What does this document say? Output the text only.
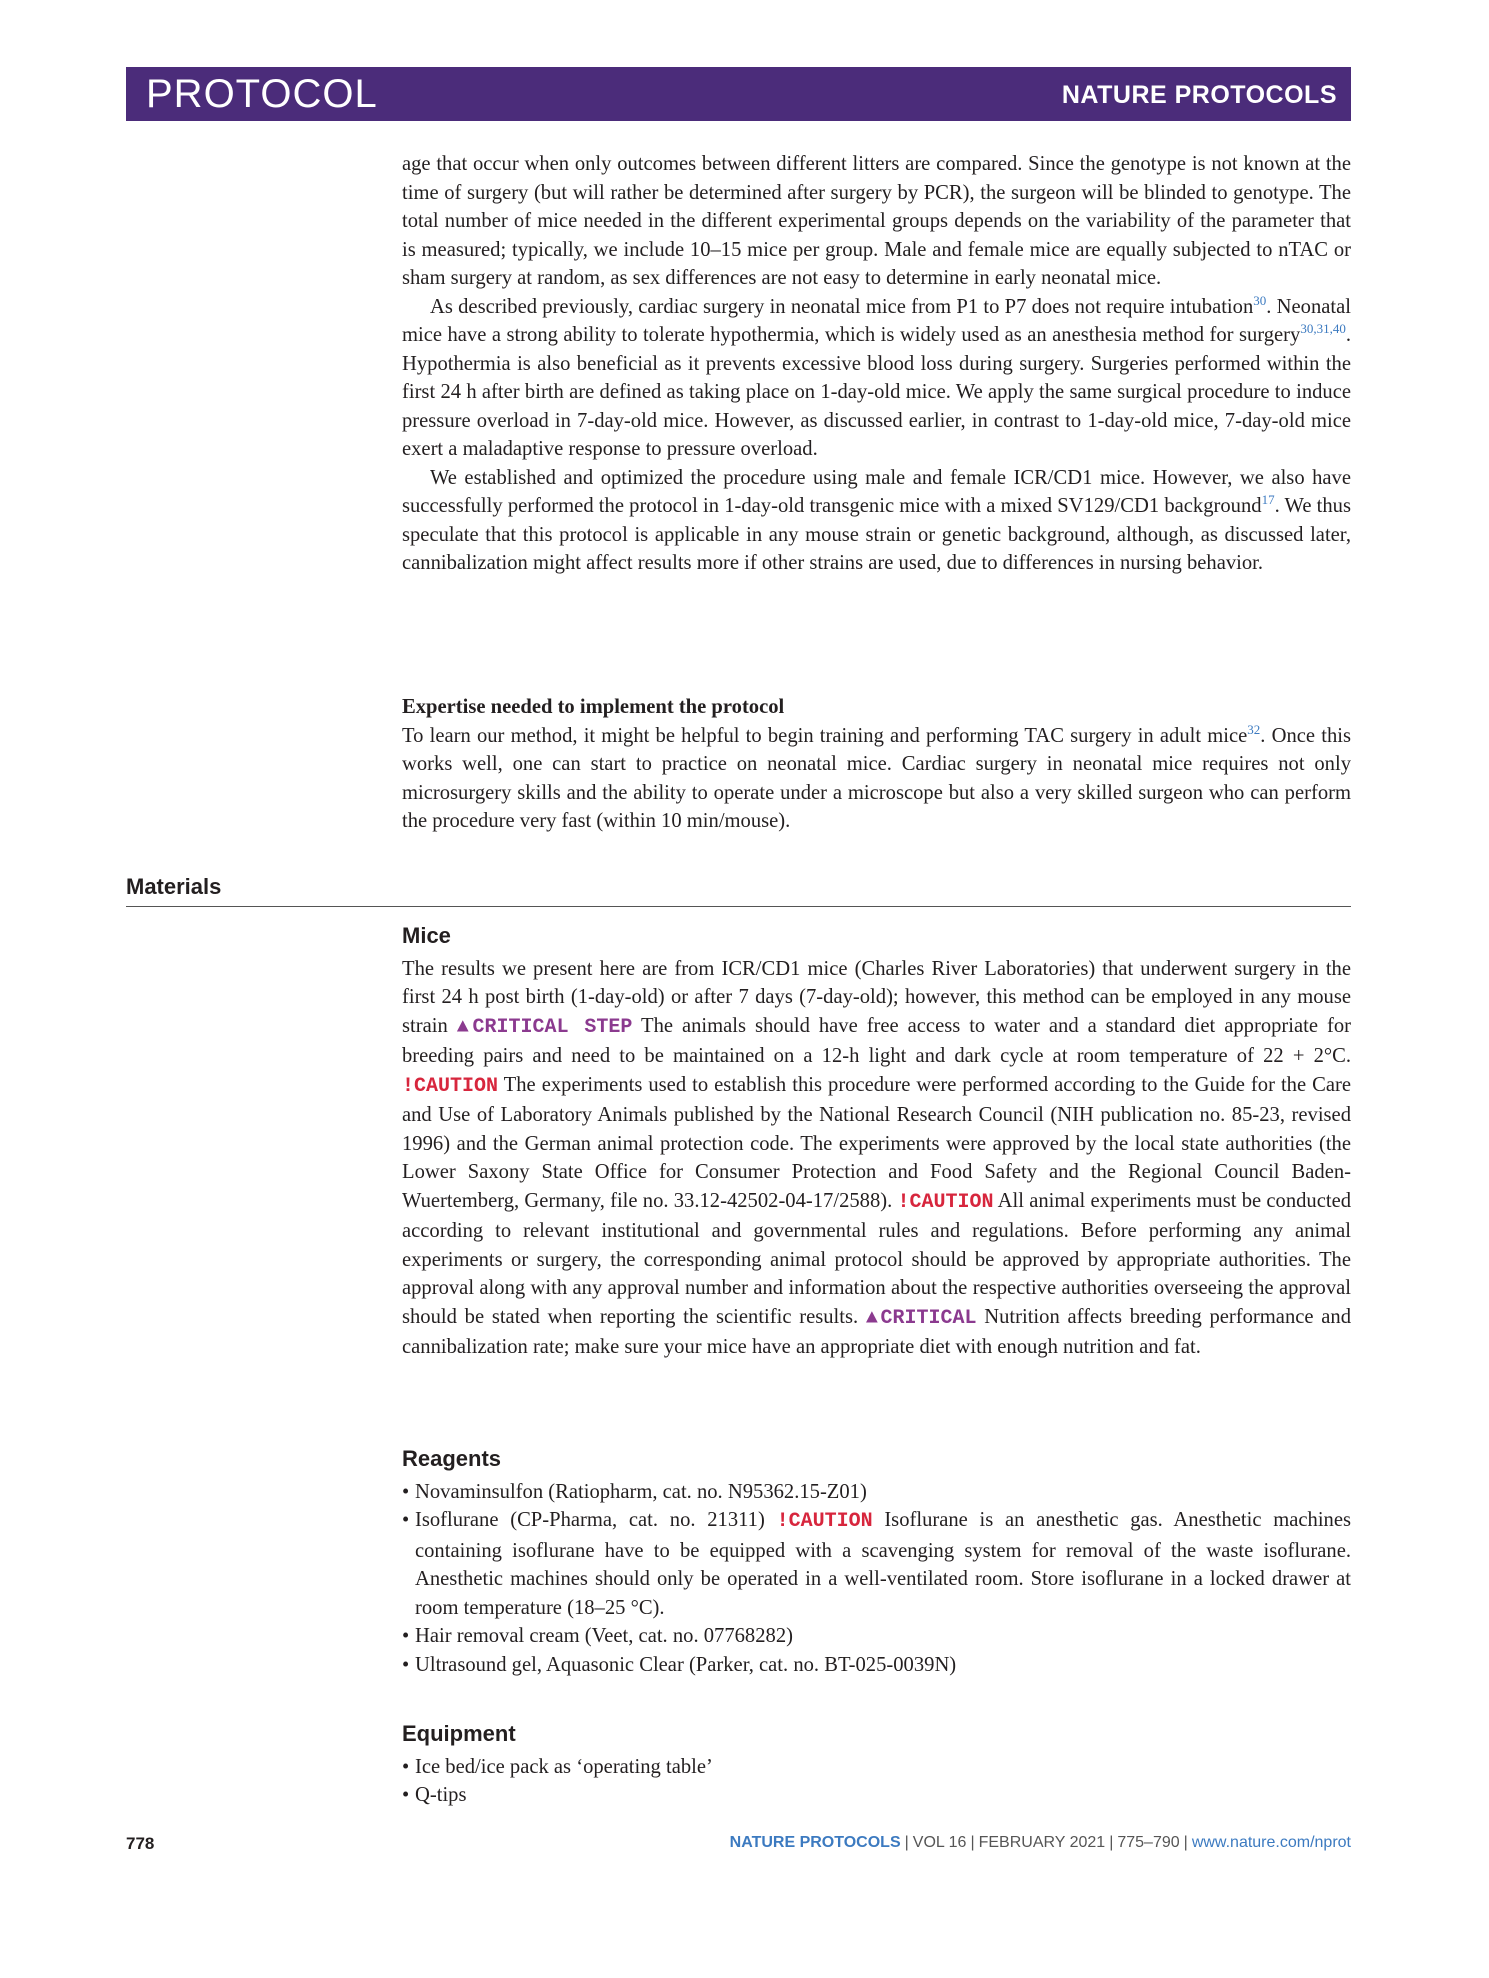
PROTOCOL	NATURE PROTOCOLS

age that occur when only outcomes between different litters are compared. Since the genotype is not known at the time of surgery (but will rather be determined after surgery by PCR), the surgeon will be blinded to genotype. The total number of mice needed in the different experimental groups depends on the variability of the parameter that is measured; typically, we include 10–15 mice per group. Male and female mice are equally subjected to nTAC or sham surgery at random, as sex differences are not easy to determine in early neonatal mice.

As described previously, cardiac surgery in neonatal mice from P1 to P7 does not require intubation$^{30}$. Neonatal mice have a strong ability to tolerate hypothermia, which is widely used as an anesthesia method for surgery$^{30,31,40}$. Hypothermia is also beneficial as it prevents excessive blood loss during surgery. Surgeries performed within the first 24 h after birth are defined as taking place on 1-day-old mice. We apply the same surgical procedure to induce pressure overload in 7-day-old mice. However, as discussed earlier, in contrast to 1-day-old mice, 7-day-old mice exert a maladaptive response to pressure overload.

We established and optimized the procedure using male and female ICR/CD1 mice. However, we also have successfully performed the protocol in 1-day-old transgenic mice with a mixed SV129/CD1 background$^{17}$. We thus speculate that this protocol is applicable in any mouse strain or genetic background, although, as discussed later, cannibalization might affect results more if other strains are used, due to differences in nursing behavior.

Expertise needed to implement the protocol

To learn our method, it might be helpful to begin training and performing TAC surgery in adult mice$^{32}$. Once this works well, one can start to practice on neonatal mice. Cardiac surgery in neonatal mice requires not only microsurgery skills and the ability to operate under a microscope but also a very skilled surgeon who can perform the procedure very fast (within 10 min/mouse).

Materials
Mice

The results we present here are from ICR/CD1 mice (Charles River Laboratories) that underwent surgery in the first 24 h post birth (1-day-old) or after 7 days (7-day-old); however, this method can be employed in any mouse strain ▲CRITICAL STEP The animals should have free access to water and a standard diet appropriate for breeding pairs and need to be maintained on a 12-h light and dark cycle at room temperature of 22 + 2°C. !CAUTION The experiments used to establish this procedure were performed according to the Guide for the Care and Use of Laboratory Animals published by the National Research Council (NIH publication no. 85-23, revised 1996) and the German animal protection code. The experiments were approved by the local state authorities (the Lower Saxony State Office for Consumer Protection and Food Safety and the Regional Council Baden-Wuertemberg, Germany, file no. 33.12-42502-04-17/2588). !CAUTION All animal experiments must be conducted according to relevant institutional and governmental rules and regulations. Before performing any animal experiments or surgery, the corresponding animal protocol should be approved by appropriate authorities. The approval along with any approval number and information about the respective authorities overseeing the approval should be stated when reporting the scientific results. ▲CRITICAL Nutrition affects breeding performance and cannibalization rate; make sure your mice have an appropriate diet with enough nutrition and fat.

Reagents
• Novaminsulfon (Ratiopharm, cat. no. N95362.15-Z01)
• Isoflurane (CP-Pharma, cat. no. 21311) !CAUTION Isoflurane is an anesthetic gas. Anesthetic machines containing isoflurane have to be equipped with a scavenging system for removal of the waste isoflurane. Anesthetic machines should only be operated in a well-ventilated room. Store isoflurane in a locked drawer at room temperature (18–25 °C).
• Hair removal cream (Veet, cat. no. 07768282)
• Ultrasound gel, Aquasonic Clear (Parker, cat. no. BT-025-0039N)
Equipment
• Ice bed/ice pack as ‘operating table’
• Q-tips
778	NATURE PROTOCOLS | VOL 16 | FEBRUARY 2021 | 775–790 | www.nature.com/nprot
